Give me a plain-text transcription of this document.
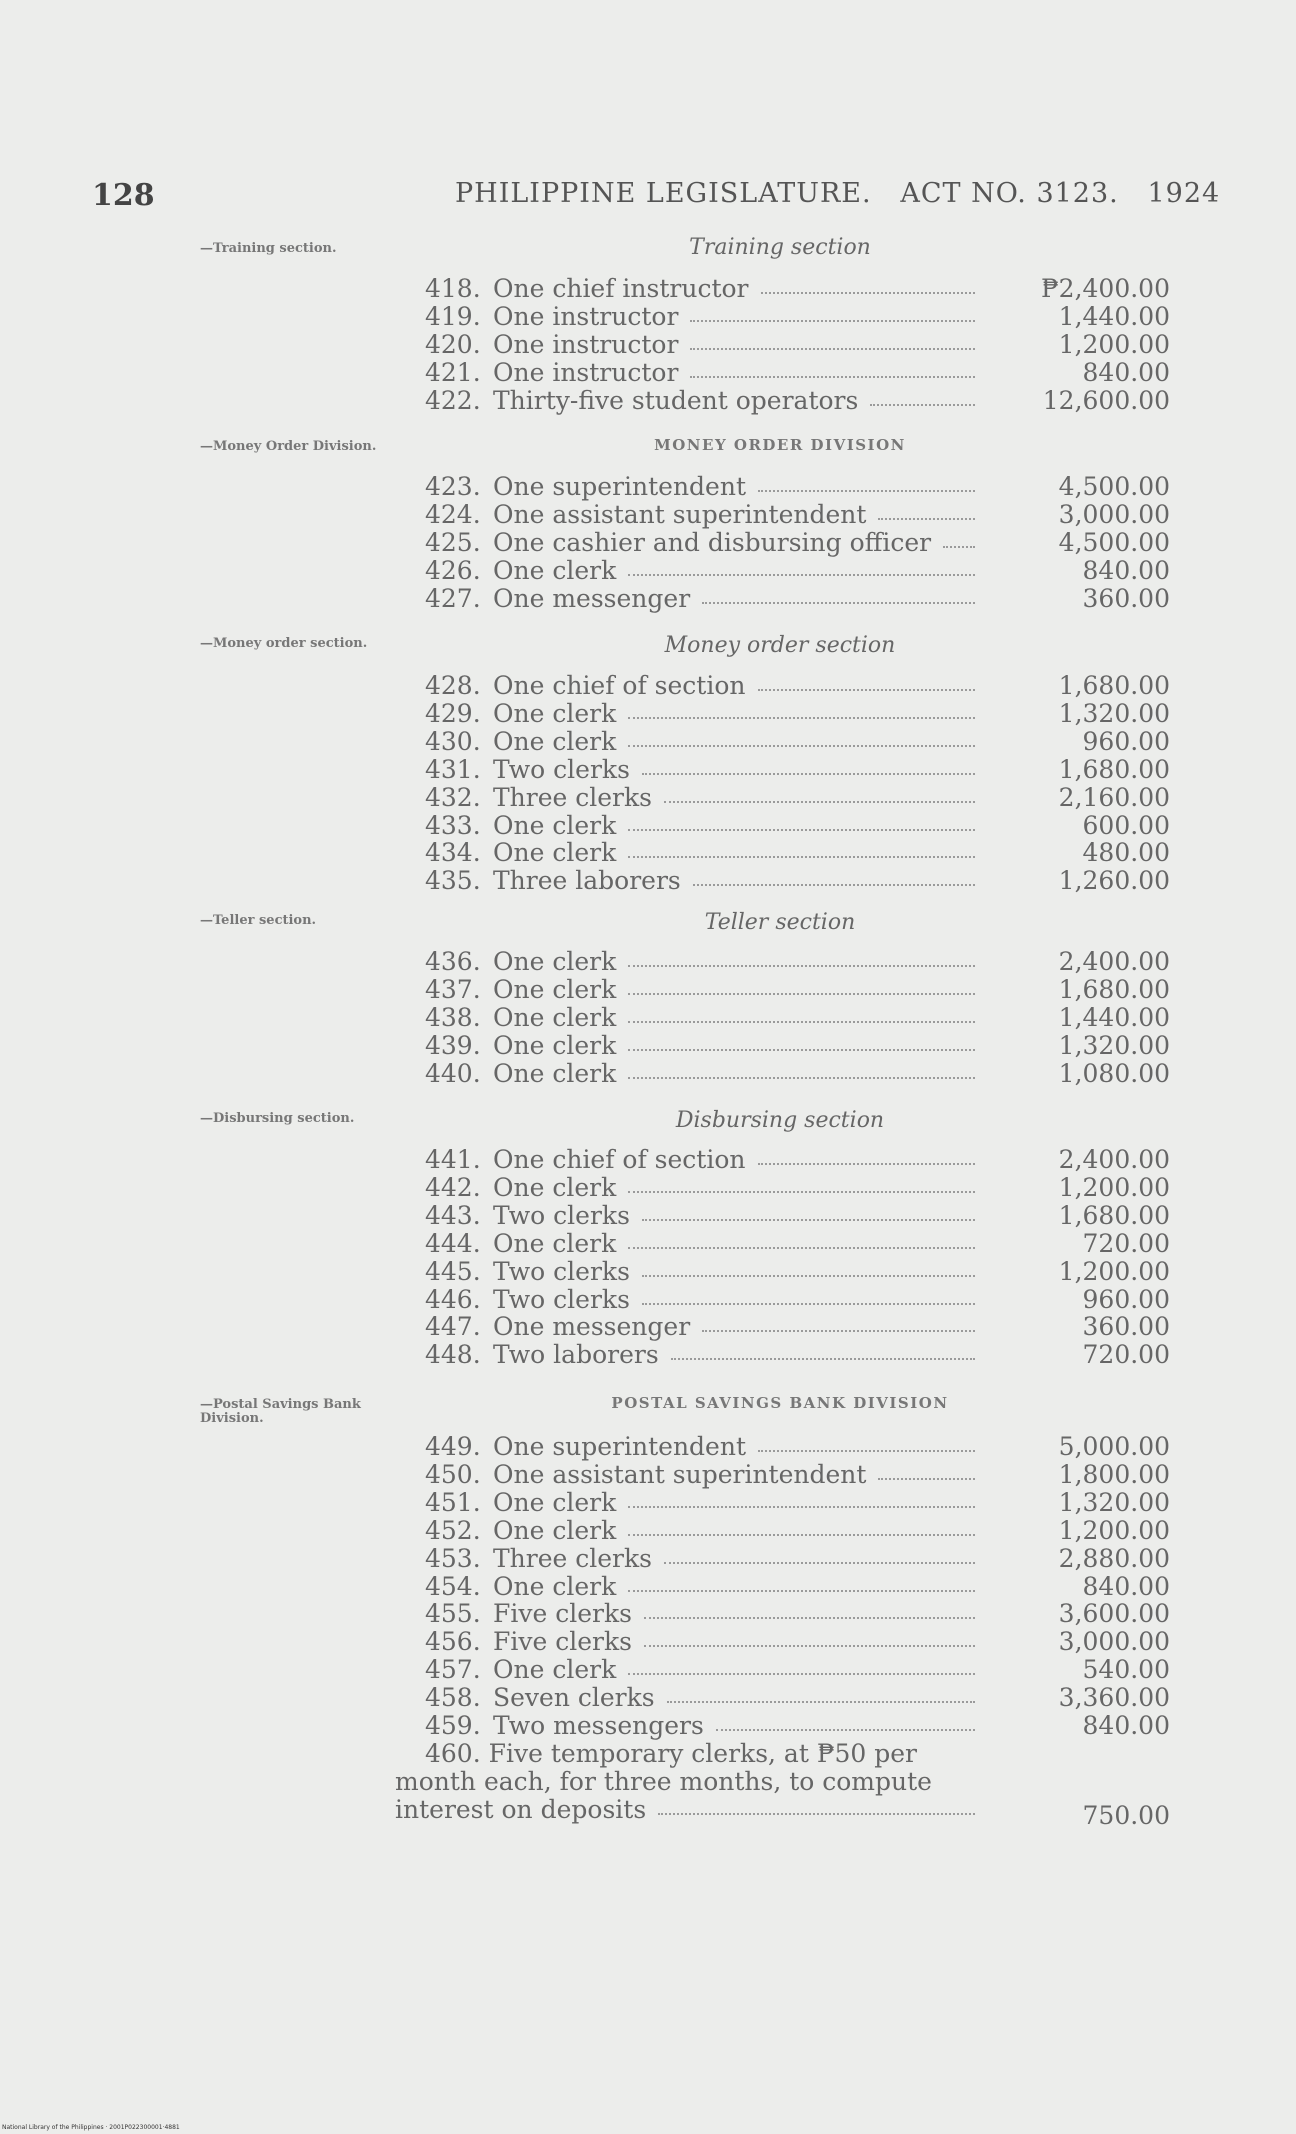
128	PHILIPPINE LEGISLATURE. ACT NO. 3123. 1924
—Training section.	Training section
418. One chief instructor	₱2,400.00
419. One instructor	1,440.00
420. One instructor	1,200.00
421. One instructor	840.00
422. Thirty-five student operators	12,600.00
—Money Order Division.	MONEY ORDER DIVISION
423. One superintendent	4,500.00
424. One assistant superintendent	3,000.00
425. One cashier and disbursing officer	4,500.00
426. One clerk	840.00
427. One messenger	360.00
—Money order section.	Money order section
428. One chief of section	1,680.00
429. One clerk	1,320.00
430. One clerk	960.00
431. Two clerks	1,680.00
432. Three clerks	2,160.00
433. One clerk	600.00
434. One clerk	480.00
435. Three laborers	1,260.00
—Teller section.	Teller section
436. One clerk	2,400.00
437. One clerk	1,680.00
438. One clerk	1,440.00
439. One clerk	1,320.00
440. One clerk	1,080.00
—Disbursing section.	Disbursing section
441. One chief of section	2,400.00
442. One clerk	1,200.00
443. Two clerks	1,680.00
444. One clerk	720.00
445. Two clerks	1,200.00
446. Two clerks	960.00
447. One messenger	360.00
448. Two laborers	720.00
—Postal Savings Bank Division.
POSTAL SAVINGS BANK DIVISION
449. One superintendent	5,000.00
450. One assistant superintendent	1,800.00
451. One clerk	1,320.00
452. One clerk	1,200.00
453. Three clerks	2,880.00
454. One clerk	840.00
455. Five clerks	3,600.00
456. Five clerks	3,000.00
457. One clerk	540.00
458. Seven clerks	3,360.00
459. Two messengers	840.00
460. Five temporary clerks, at ₱50 per
month each, for three months, to compute
interest on deposits	750.00
National Library of the Philippines · 2001P022300001·4881
